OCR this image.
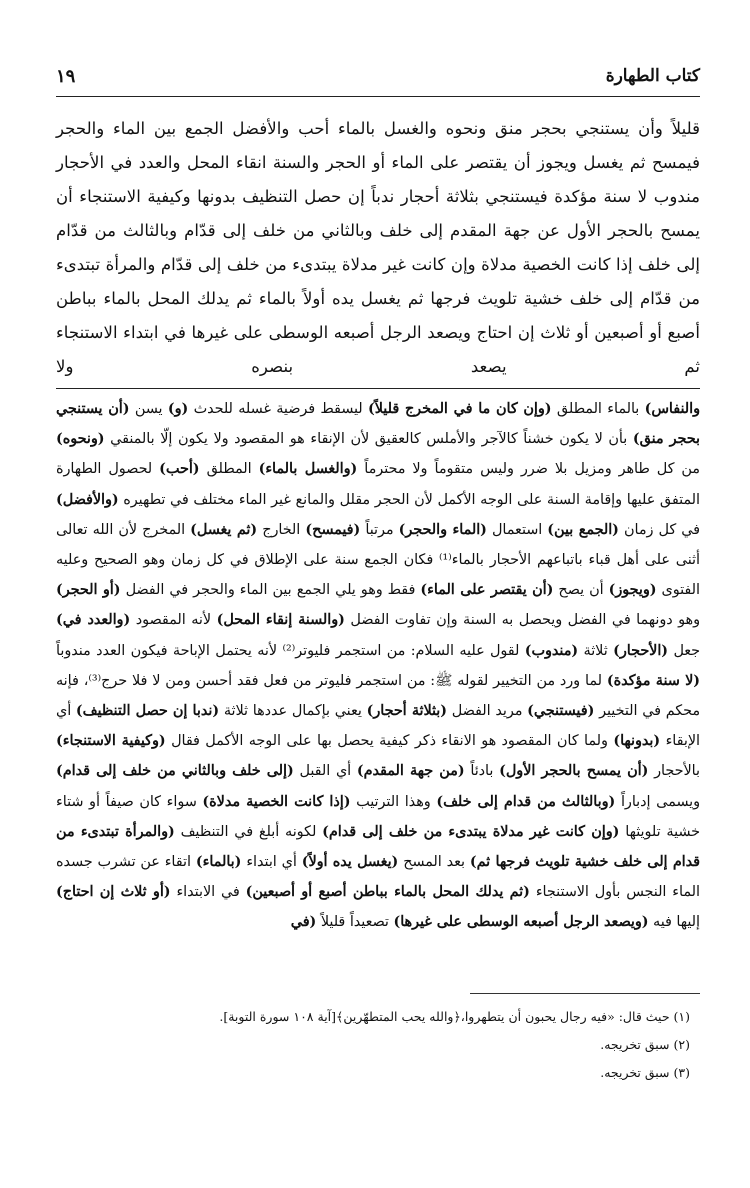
كتاب الطهارة
١٩

قليلاً وأن يستنجي بحجر منق ونحوه والغسل بالماء أحب والأفضل الجمع بين الماء والحجر فيمسح ثم يغسل ويجوز أن يقتصر على الماء أو الحجر والسنة انقاء المحل والعدد في الأحجار مندوب لا سنة مؤكدة فيستنجي بثلاثة أحجار ندباً إن حصل التنظيف بدونها وكيفية الاستنجاء أن يمسح بالحجر الأول عن جهة المقدم إلى خلف وبالثاني من خلف إلى قدّام وبالثالث من قدّام إلى خلف إذا كانت الخصية مدلاة وإن كانت غير مدلاة يبتدىء من خلف إلى قدّام والمرأة تبتدىء من قدّام إلى خلف خشية تلويث فرجها ثم يغسل يده أولاً بالماء ثم يدلك المحل بالماء بباطن أصبع أو أصبعين أو ثلاث إن احتاج ويصعد الرجل أصبعه الوسطى على غيرها في ابتداء الاستنجاء ثم يصعد بنصره ولا

والنفاس) بالماء المطلق (وإن كان ما في المخرج قليلاً) ليسقط فرضية غسله للحدث (و) يسن (أن يستنجي بحجر منق) بأن لا يكون خشناً كالآجر والأملس كالعقيق لأن الإنقاء هو المقصود ولا يكون إلّا بالمنقي (ونحوه) من كل طاهر ومزيل بلا ضرر وليس متقوماً ولا محترماً (والغسل بالماء) المطلق (أحب) لحصول الطهارة المتفق عليها وإقامة السنة على الوجه الأكمل لأن الحجر مقلل والمانع غير الماء مختلف في تطهيره (والأفضل) في كل زمان (الجمع بين) استعمال (الماء والحجر) مرتباً (فيمسح) الخارج (ثم يغسل) المخرج لأن الله تعالى أثنى على أهل قباء باتباعهم الأحجار بالماء⁽¹⁾ فكان الجمع سنة على الإطلاق في كل زمان وهو الصحيح وعليه الفتوى (ويجوز) أن يصح (أن يقتصر على الماء) فقط وهو يلي الجمع بين الماء والحجر في الفضل (أو الحجر) وهو دونهما في الفضل ويحصل به السنة وإن تفاوت الفضل (والسنة إنقاء المحل) لأنه المقصود (والعدد في) جعل (الأحجار) ثلاثة (مندوب) لقول عليه السلام: من استجمر فليوتر⁽²⁾ لأنه يحتمل الإباحة فيكون العدد مندوباً (لا سنة مؤكدة) لما ورد من التخيير لقوله ﷺ: من استجمر فليوتر من فعل فقد أحسن ومن لا فلا حرج⁽³⁾، فإنه محكم في التخيير (فيستنجي) مريد الفضل (بثلاثة أحجار) يعني بإكمال عددها ثلاثة (ندبا إن حصل التنظيف) أي الإبقاء (بدونها) ولما كان المقصود هو الانقاء ذكر كيفية يحصل بها على الوجه الأكمل فقال (وكيفية الاستنجاء) بالأحجار (أن يمسح بالحجر الأول) بادئاً (من جهة المقدم) أي القبل (إلى خلف وبالثاني من خلف إلى قدام) ويسمى إدباراً (وبالثالث من قدام إلى خلف) وهذا الترتيب (إذا كانت الخصية مدلاة) سواء كان صيفاً أو شتاء خشية تلويثها (وإن كانت غير مدلاة يبتدىء من خلف إلى قدام) لكونه أبلغ في التنظيف (والمرأة تبتدىء من قدام إلى خلف خشية تلويث فرجها ثم) بعد المسح (يغسل يده أولاً) أي ابتداء (بالماء) اتقاء عن تشرب جسده الماء النجس بأول الاستنجاء (ثم يدلك المحل بالماء بباطن أصبع أو أصبعين) في الابتداء (أو ثلاث إن احتاج) إليها فيه (ويصعد الرجل أصبعه الوسطى على غيرها) تصعيداً قليلاً (في

(١) حيث قال: «فيه رجال يحبون أن يتطهروا،﴿والله يحب المتطهّرين﴾[آية ١٠٨ سورة التوبة].
(٢) سبق تخريجه.
(٣) سبق تخريجه.
